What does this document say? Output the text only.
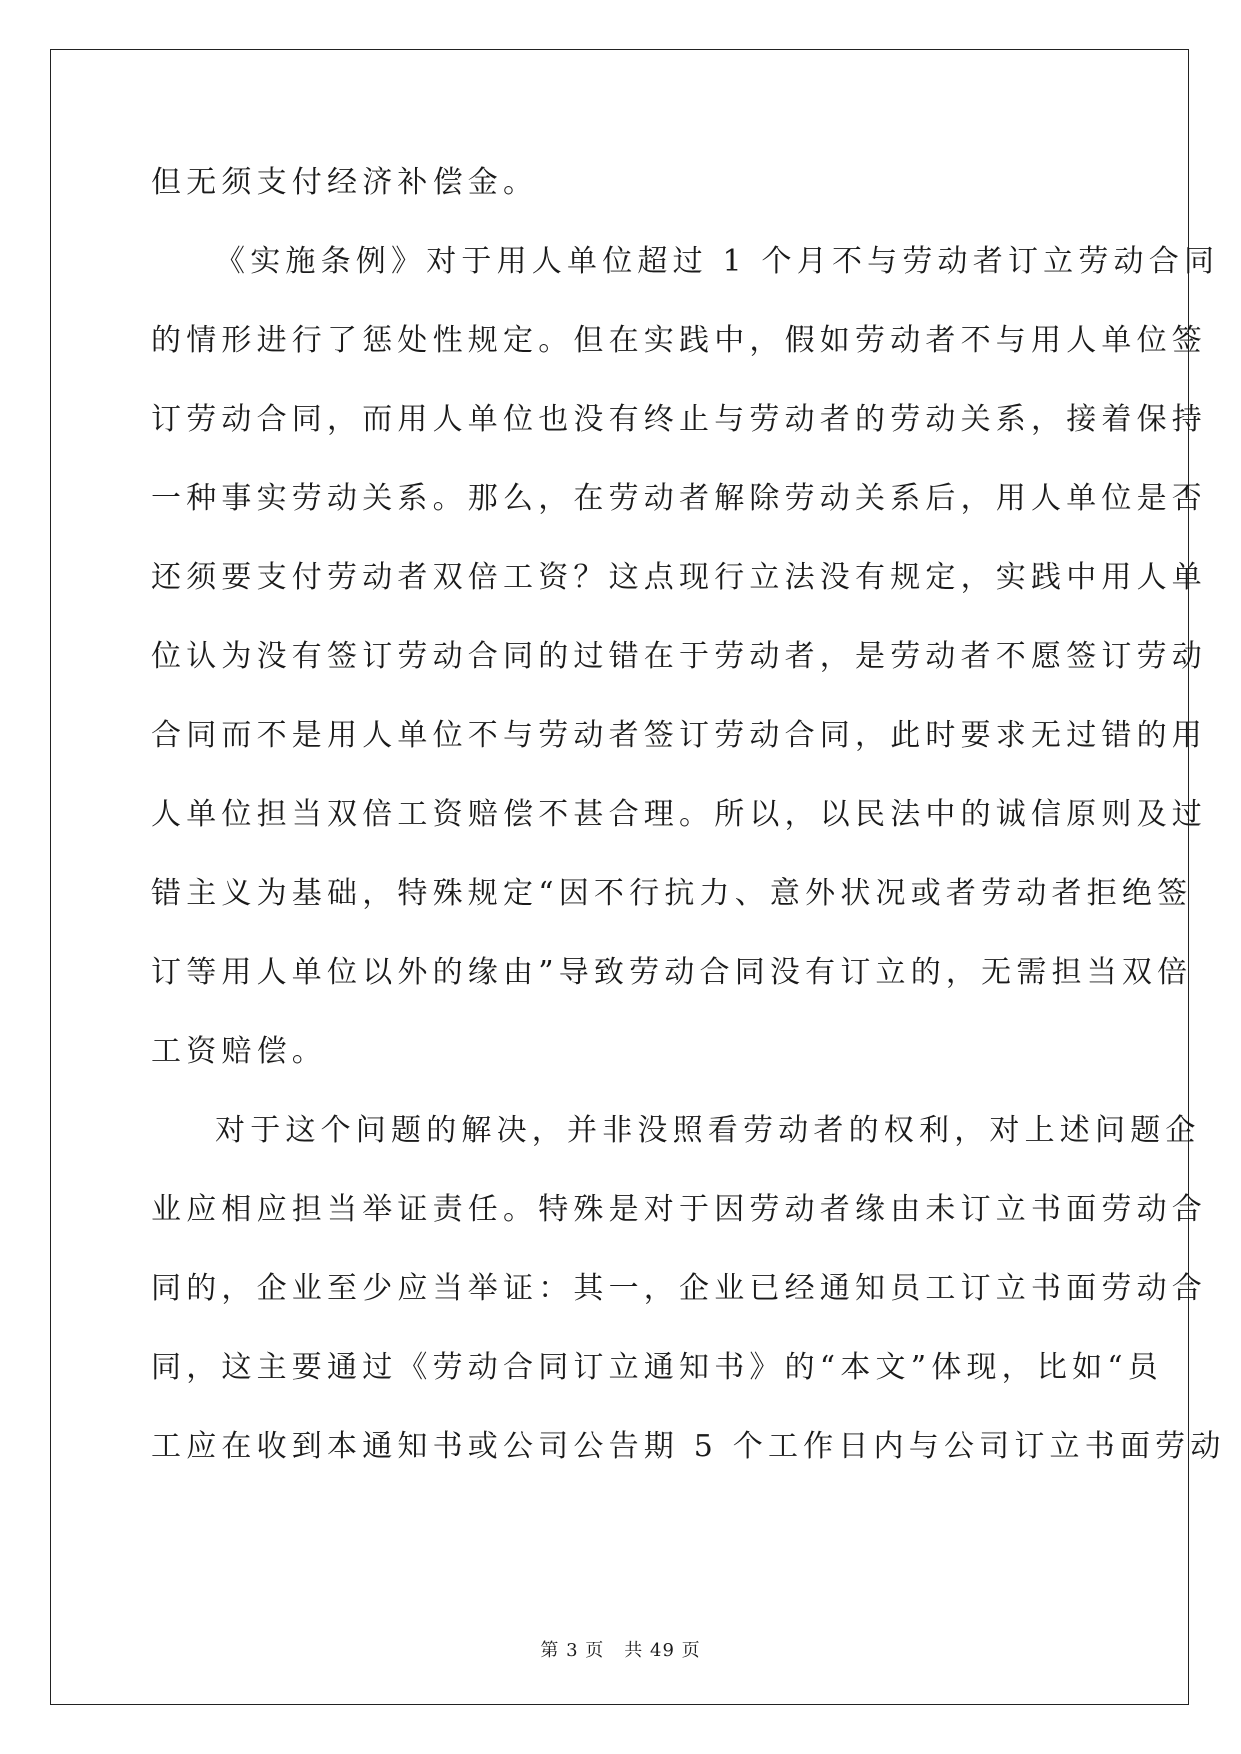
但无须支付经济补偿金。
《实施条例》对于用人单位超过 1 个月不与劳动者订立劳动合同
的情形进行了惩处性规定。但在实践中，假如劳动者不与用人单位签
订劳动合同，而用人单位也没有终止与劳动者的劳动关系，接着保持
一种事实劳动关系。那么，在劳动者解除劳动关系后，用人单位是否
还须要支付劳动者双倍工资？这点现行立法没有规定，实践中用人单
位认为没有签订劳动合同的过错在于劳动者，是劳动者不愿签订劳动
合同而不是用人单位不与劳动者签订劳动合同，此时要求无过错的用
人单位担当双倍工资赔偿不甚合理。所以，以民法中的诚信原则及过
错主义为基础，特殊规定“因不行抗力、意外状况或者劳动者拒绝签
订等用人单位以外的缘由”导致劳动合同没有订立的，无需担当双倍
工资赔偿。
对于这个问题的解决，并非没照看劳动者的权利，对上述问题企
业应相应担当举证责任。特殊是对于因劳动者缘由未订立书面劳动合
同的，企业至少应当举证：其一，企业已经通知员工订立书面劳动合
同，这主要通过《劳动合同订立通知书》的“本文”体现，比如“员
工应在收到本通知书或公司公告期 5 个工作日内与公司订立书面劳动
第 3 页 共 49 页
